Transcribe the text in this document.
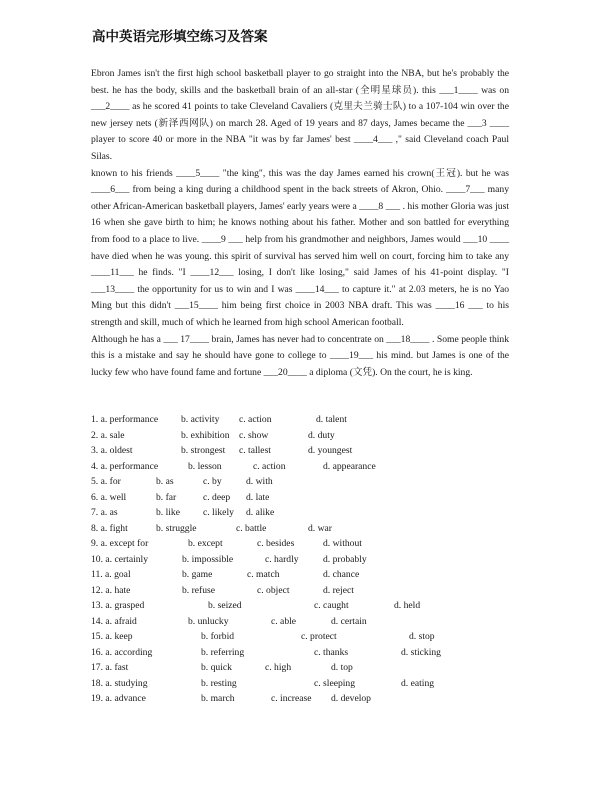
高中英语完形填空练习及答案

Ebron James isn't the first high school basketball player to go straight into the NBA, but he's probably the best. he has the body, skills and the basketball brain of an all-star (全明星球员). this ___1____ was on ___2____ as he scored 41 points to take Cleveland Cavaliers (克里夫兰骑士队) to a 107-104 win over the new jersey nets (新泽西网队) on march 28. Aged of 19 years and 87 days, James became the ___3 ____ player to score 40 or more in the NBA "it was by far James' best ____4___ ," said Cleveland coach Paul Silas.

known to his friends ____5____ "the king", this was the day James earned his crown(王冠). but he was ____6___ from being a king during a childhood spent in the back streets of Akron, Ohio. ____7___ many other African-American basketball players, James' early years were a ____8 ___ . his mother Gloria was just 16 when she gave birth to him; he knows nothing about his father. Mother and son battled for everything from food to a place to live. ____9 ___ help from his grandmother and neighbors, James would ___10 ____ have died when he was young. this spirit of survival has served him well on court, forcing him to take any ____11___ he finds. "I ____12___ losing, I don't like losing," said James of his 41-point display. "I ___13____ the opportunity for us to win and I was ____14___ to capture it." at 2.03 meters, he is no Yao Ming but this didn't ___15____ him being first choice in 2003 NBA draft. This was ____16 ___ to his strength and skill, much of which he learned from high school American football.

Although he has a ___ 17____ brain, James has never had to concentrate on ___18____ . Some people think this is a mistake and say he should have gone to college to ____19___ his mind. but James is one of the lucky few who have found fame and fortune ___20____ a diploma (文凭). On the court, he is king.

1. a. performance b. activity c. action	d. talent
2. a. sale	b. exhibition c. show	d. duty
3. a. oldest	b. strongest c. tallest	d. youngest
4. a. performance	b. lesson	c. action	d. appearance
5. a. for	b. as	c. by	d. with
6. a. well	b. far	c. deep d. late
7. a. as	b. like c. likely d. alike
8. a. fight	b. struggle	c. battle	d. war
9. a. except for	b. except	c. besides	d. without
10. a. certainly	b. impossible	c. hardly	d. probably
11. a. goal	b. game	c. match	d. chance
12. a. hate	b. refuse	c. object	d. reject
13. a. grasped	b. seized	c. caught	d. held
14. a. afraid	b. unlucky	c. able	d. certain
15. a. keep	b. forbid	c. protect	d. stop
16. a. according	b. referring	c. thanks	d. sticking
17. a. fast	b. quick	c. high	d. top
18. a. studying	b. resting	c. sleeping	d. eating
19. a. advance	b. march	c. increase d. develop
